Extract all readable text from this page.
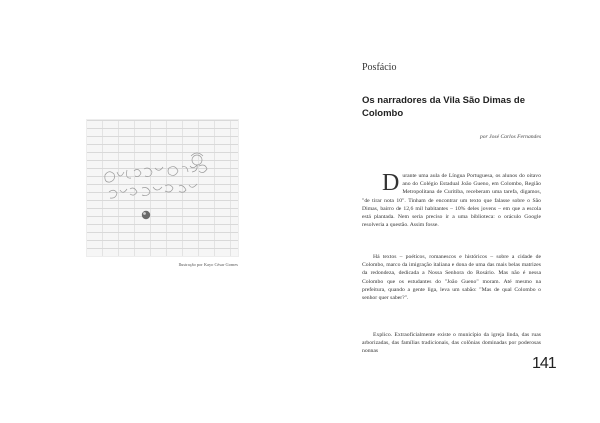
Ilustração por Kayo César Gomes
Posfácio
Os narradores da Vila São Dimas de Colombo
por José Carlos Fernandes
Durante uma aula de Língua Portuguesa, os alunos do oitavo ano do Colégio Estadual João Gueno, em Colombo, Região Metropolitana de Curitiba, receberam uma tarefa, digamos, "de tirar nota 10". Tinham de encontrar um texto que falasse sobre o São Dimas, bairro de 12,6 mil habitantes – 10% deles jovens – em que a escola está plantada. Nem seria preciso ir a uma biblioteca: o oráculo Google resolveria a questão. Assim fosse.
Há textos – poéticos, romanescos e históricos – sobre a cidade de Colombo, marco da imigração italiana e dona de uma das mais belas matrizes da redondeza, dedicada a Nossa Senhora do Rosário. Mas não é nessa Colombo que os estudantes do "João Gueno" moram. Até mesmo na prefeitura, quando a gente liga, leva um sabão: "Mas de qual Colombo o senhor quer saber?".
Explico. Extraoficialmente existe o município da igreja linda, das ruas arborizadas, das famílias tradicionais, das colônias dominadas por poderosas nonnas
141
